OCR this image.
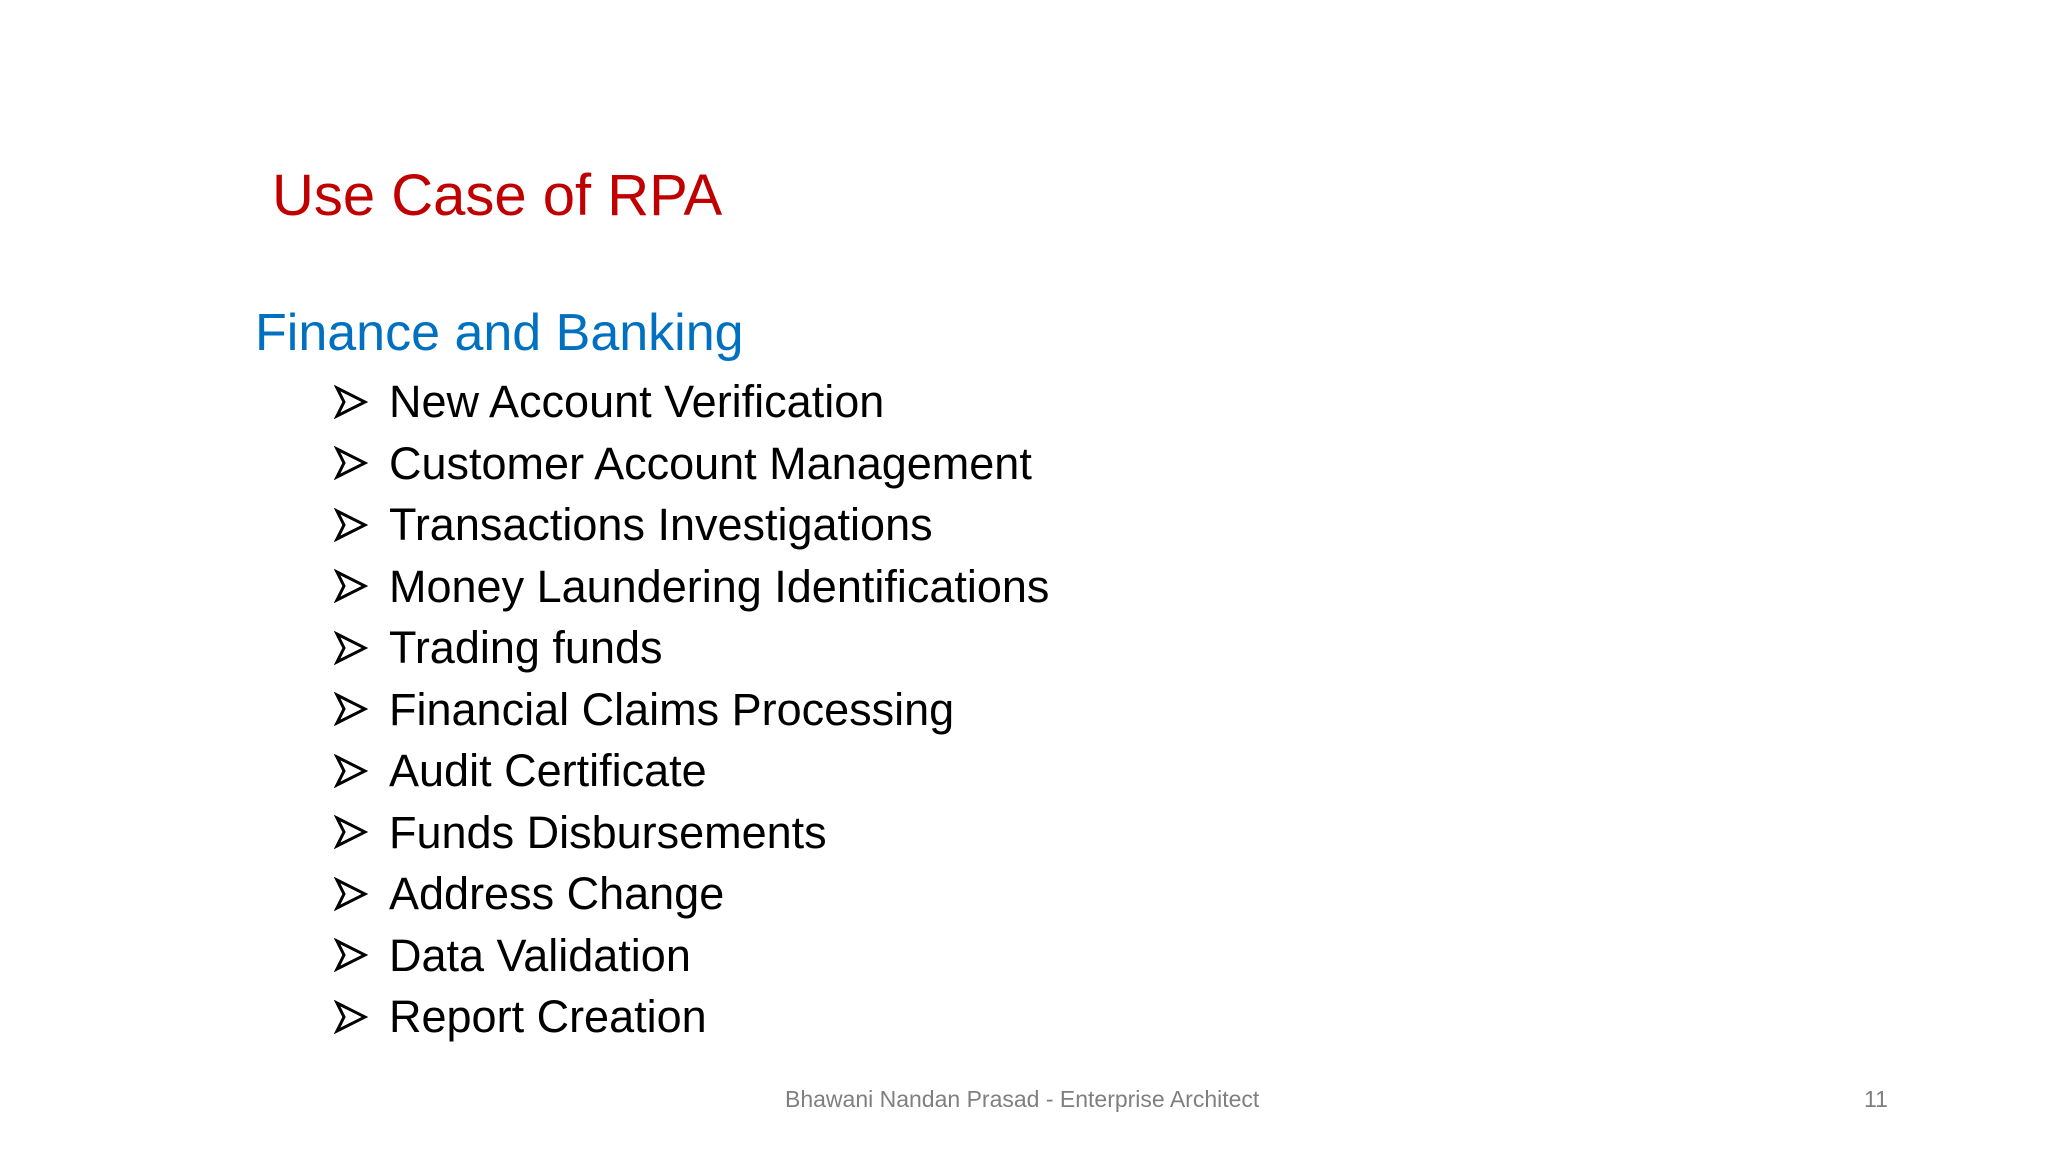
Use Case of RPA
Finance and Banking
New Account Verification
Customer Account Management
Transactions Investigations
Money Laundering Identifications
Trading funds
Financial Claims Processing
Audit Certificate
Funds Disbursements
Address Change
Data Validation
Report Creation
Bhawani Nandan Prasad - Enterprise Architect	11
